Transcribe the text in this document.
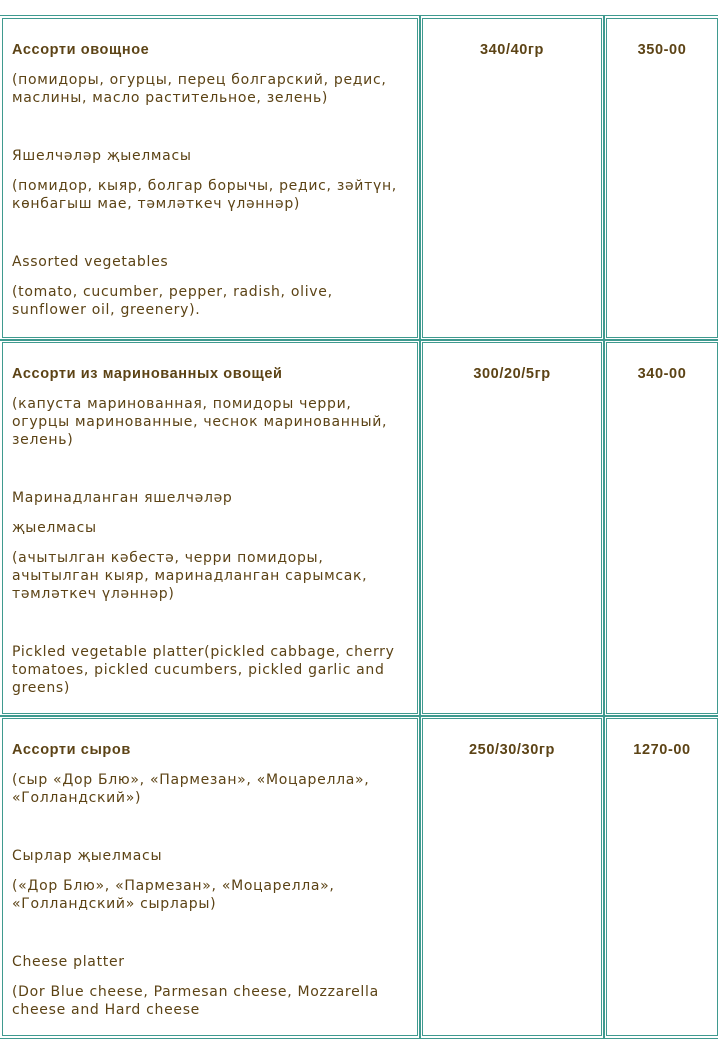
Ассорти овощное

(помидоры, огурцы, перец болгарский, редис, маслины, масло растительное, зелень)

Яшелчәләр җыелмасы

(помидор, кыяр, болгар борычы, редис, зәйтүн, көнбагыш мае, тәмләткеч үләннәр)

Assorted vegetables

(tomato, cucumber, pepper, radish, olive, sunflower oil, greenery).

340/40гр	350-00

Ассорти из маринованных овощей

(капуста маринованная, помидоры черри, огурцы маринованные, чеснок маринованный, зелень)

Маринадланган яшелчәләр

җыелмасы

(ачытылган кәбестә, черри помидоры, ачытылган кыяр, маринадланган сарымсак, тәмләткеч үләннәр)

Pickled vegetable platter(pickled cabbage, cherry tomatoes, pickled cucumbers, pickled garlic and greens)

300/20/5гр	340-00

Ассорти сыров

(сыр «Дор Блю», «Пармезан», «Моцарелла», «Голландский»)

Сырлар җыелмасы

(«Дор Блю», «Пармезан», «Моцарелла», «Голландский» сырлары)

Cheese platter

(Dor Blue cheese, Parmesan cheese, Mozzarella cheese and Hard cheese

250/30/30гр	1270-00
